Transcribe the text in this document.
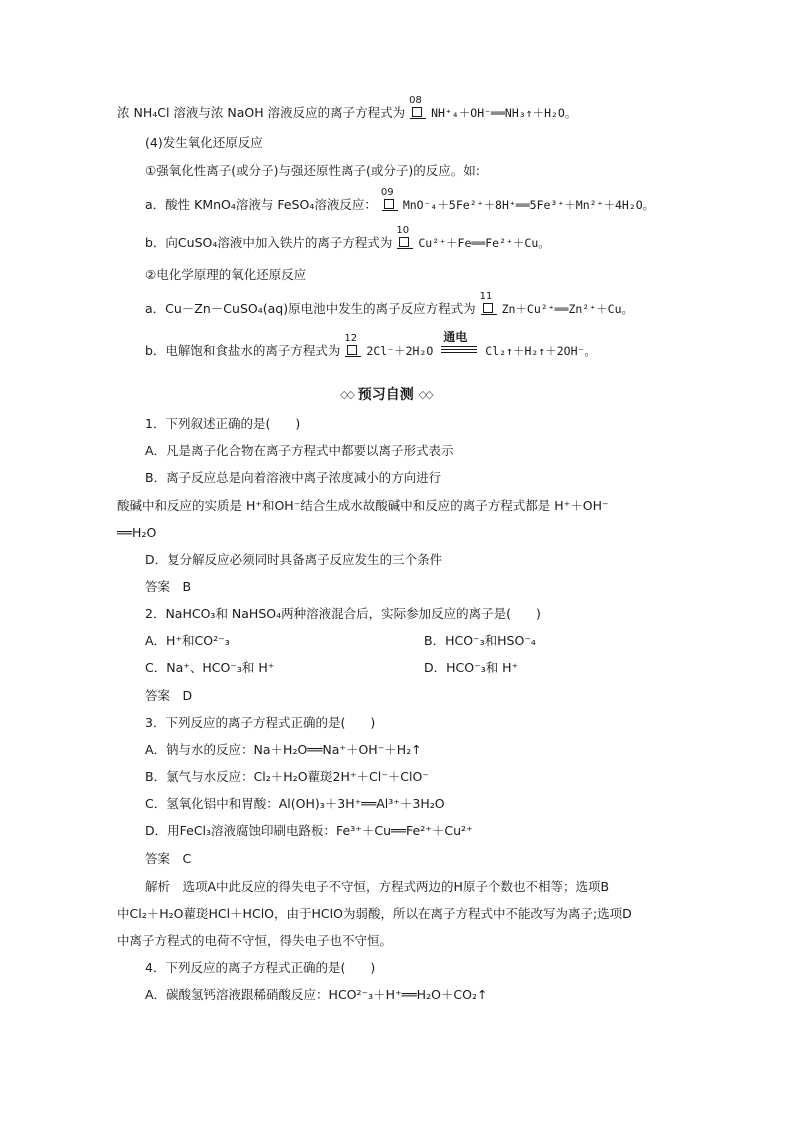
浓 NH₄Cl 溶液与浓 NaOH 溶液反应的离子方程式为
08
NH⁺₄＋OH⁻══NH₃↑＋H₂O。
(4)发生氧化还原反应
①强氧化性离子(或分子)与强还原性离子(或分子)的反应。如:
a．酸性 KMnO₄溶液与 FeSO₄溶液反应：
09
MnO⁻₄＋5Fe²⁺＋8H⁺══5Fe³⁺＋Mn²⁺＋4H₂O。
b．向CuSO₄溶液中加入铁片的离子方程式为
10
Cu²⁺＋Fe══Fe²⁺＋Cu。
②电化学原理的氧化还原反应
a．Cu－Zn－CuSO₄(aq)原电池中发生的离子反应方程式为
11
Zn＋Cu²⁺══Zn²⁺＋Cu。
b．电解饱和食盐水的离子方程式为
12
2Cl⁻＋2H₂O
通电
Cl₂↑＋H₂↑＋2OH⁻。
◇◇ 预习自测 ◇◇
1．下列叙述正确的是(　　)
A．凡是离子化合物在离子方程式中都要以离子形式表示
B．离子反应总是向着溶液中离子浓度减小的方向进行
酸碱中和反应的实质是 H⁺和OH⁻结合生成水故酸碱中和反应的离子方程式都是 H⁺＋OH⁻
══H₂O
D．复分解反应必须同时具备离子反应发生的三个条件
答案　B
2．NaHCO₃和 NaHSO₄两种溶液混合后，实际参加反应的离子是(　　)
A．H⁺和CO²⁻₃	B．HCO⁻₃和HSO⁻₄
C．Na⁺、HCO⁻₃和 H⁺	D．HCO⁻₃和 H⁺
答案　D
3．下列反应的离子方程式正确的是(　　)
A．钠与水的反应：Na＋H₂O══Na⁺＋OH⁻＋H₂↑
B．氯气与水反应：Cl₂＋H₂O藋珳2H⁺＋Cl⁻＋ClO⁻
C．氢氧化铝中和胃酸：Al(OH)₃＋3H⁺══Al³⁺＋3H₂O
D．用FeCl₃溶液腐蚀印刷电路板：Fe³⁺＋Cu══Fe²⁺＋Cu²⁺
答案　C
解析　选项A中此反应的得失电子不守恒，方程式两边的H原子个数也不相等；选项B
中Cl₂＋H₂O藋珳HCl＋HClO，由于HClO为弱酸，所以在离子方程式中不能改写为离子;选项D
中离子方程式的电荷不守恒，得失电子也不守恒。
4．下列反应的离子方程式正确的是(　　)
A．碳酸氢钙溶液跟稀硝酸反应：HCO²⁻₃＋H⁺══H₂O＋CO₂↑
